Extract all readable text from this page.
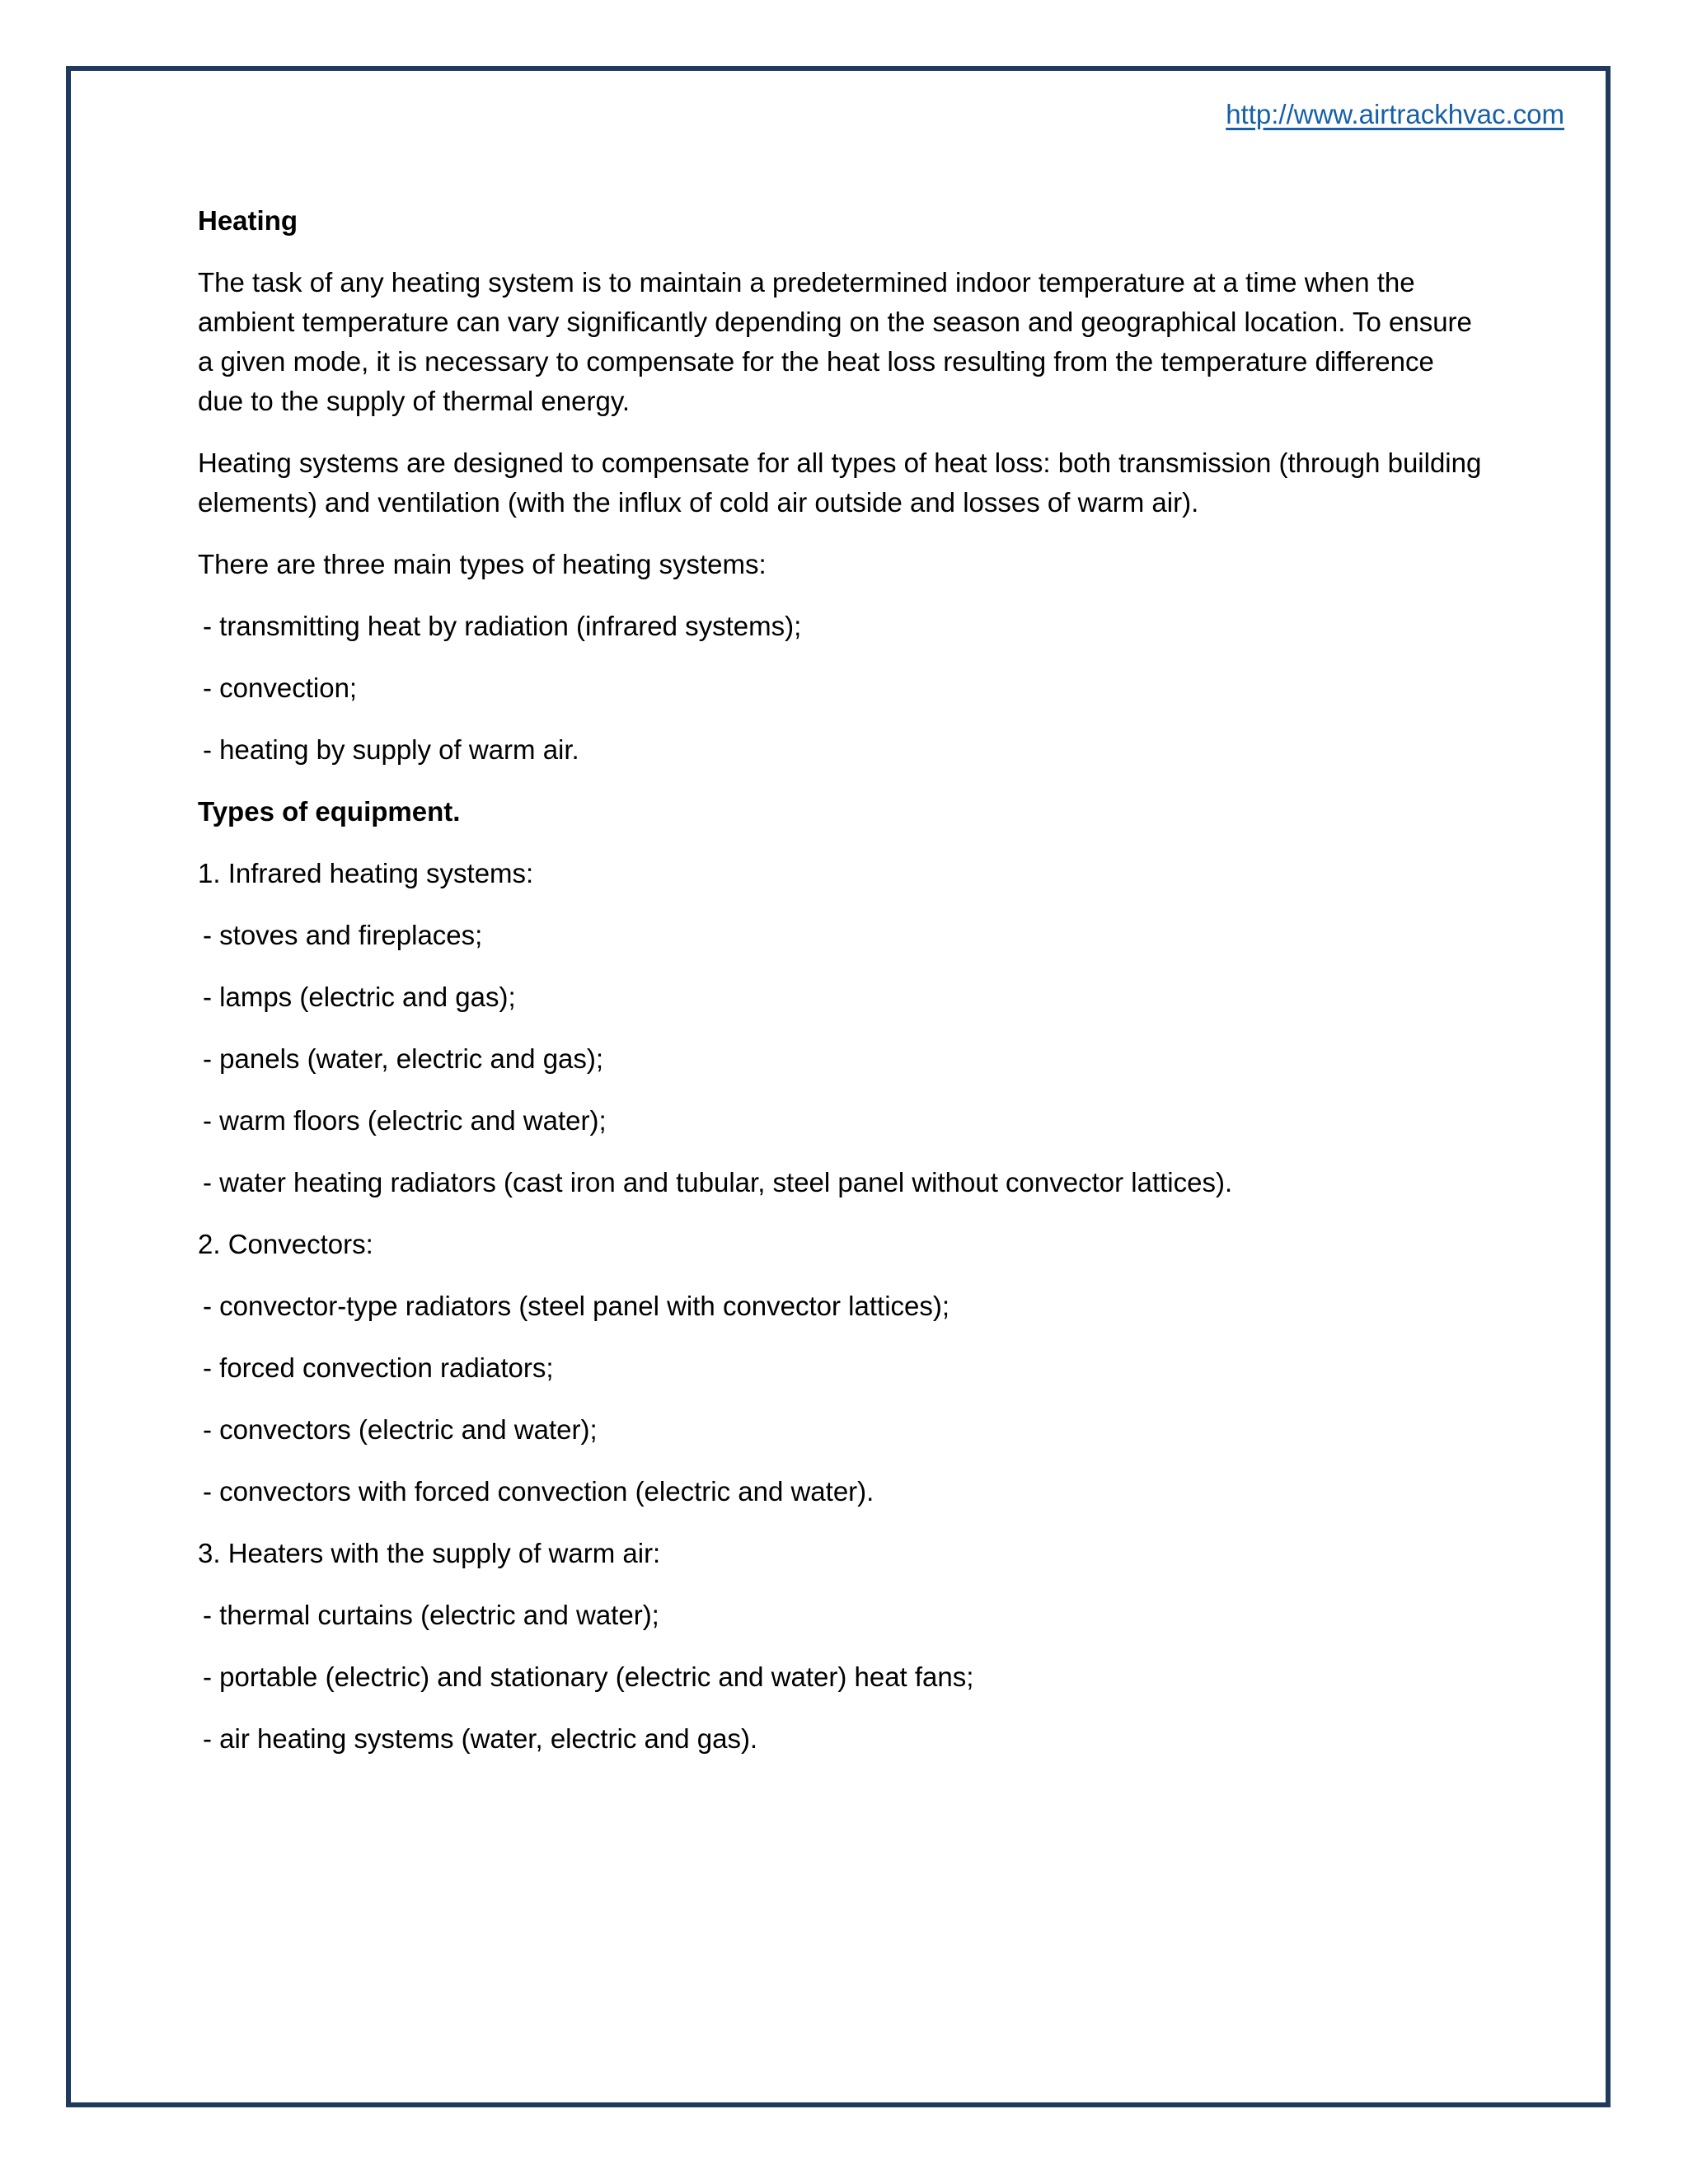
http://www.airtrackhvac.com

Heating

The task of any heating system is to maintain a predetermined indoor temperature at a time when the ambient temperature can vary significantly depending on the season and geographical location. To ensure a given mode, it is necessary to compensate for the heat loss resulting from the temperature difference due to the supply of thermal energy.

Heating systems are designed to compensate for all types of heat loss: both transmission (through building elements) and ventilation (with the influx of cold air outside and losses of warm air).

There are three main types of heating systems:

- transmitting heat by radiation (infrared systems);

- convection;

- heating by supply of warm air.

Types of equipment.

1. Infrared heating systems:

- stoves and fireplaces;

- lamps (electric and gas);

- panels (water, electric and gas);

- warm floors (electric and water);

- water heating radiators (cast iron and tubular, steel panel without convector lattices).

2. Convectors:

- convector-type radiators (steel panel with convector lattices);

- forced convection radiators;

- convectors (electric and water);

- convectors with forced convection (electric and water).

3. Heaters with the supply of warm air:

- thermal curtains (electric and water);

- portable (electric) and stationary (electric and water) heat fans;

- air heating systems (water, electric and gas).
